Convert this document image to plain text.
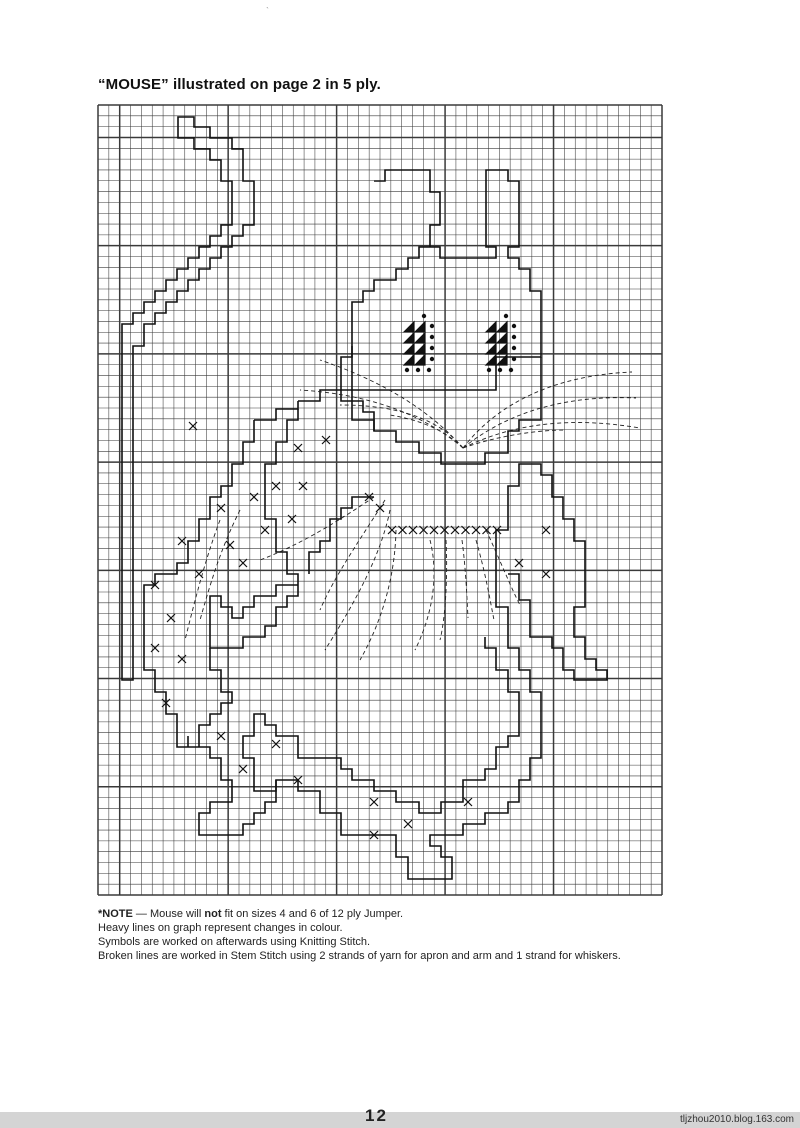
`
“MOUSE” illustrated on page 2 in 5 ply.
*NOTE — Mouse will not fit on sizes 4 and 6 of 12 ply Jumper.
Heavy lines on graph represent changes in colour.
Symbols are worked on afterwards using Knitting Stitch.
Broken lines are worked in Stem Stitch using 2 strands of yarn for apron and arm and 1 strand for whiskers.
12	tljzhou2010.blog.163.com
